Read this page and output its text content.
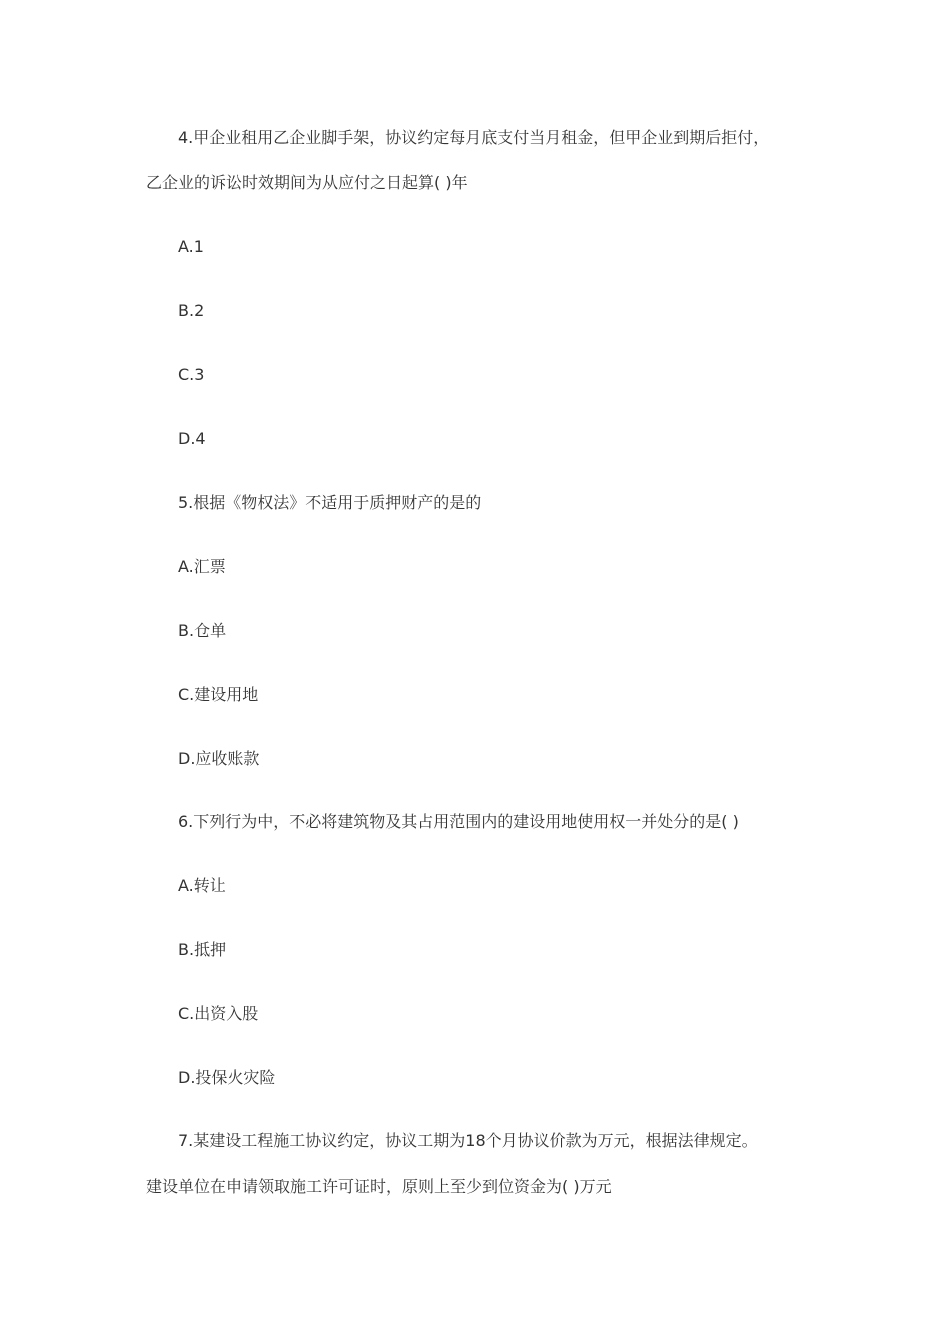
4.甲企业租用乙企业脚手架，协议约定每月底支付当月租金，但甲企业到期后拒付，
乙企业的诉讼时效期间为从应付之日起算( )年
A.1
B.2
C.3
D.4
5.根据《物权法》不适用于质押财产的是的
A.汇票
B.仓单
C.建设用地
D.应收账款
6.下列行为中，不必将建筑物及其占用范围内的建设用地使用权一并处分的是( )
A.转让
B.抵押
C.出资入股
D.投保火灾险
7.某建设工程施工协议约定，协议工期为18个月协议价款为万元，根据法律规定。
建设单位在申请领取施工许可证时，原则上至少到位资金为( )万元
